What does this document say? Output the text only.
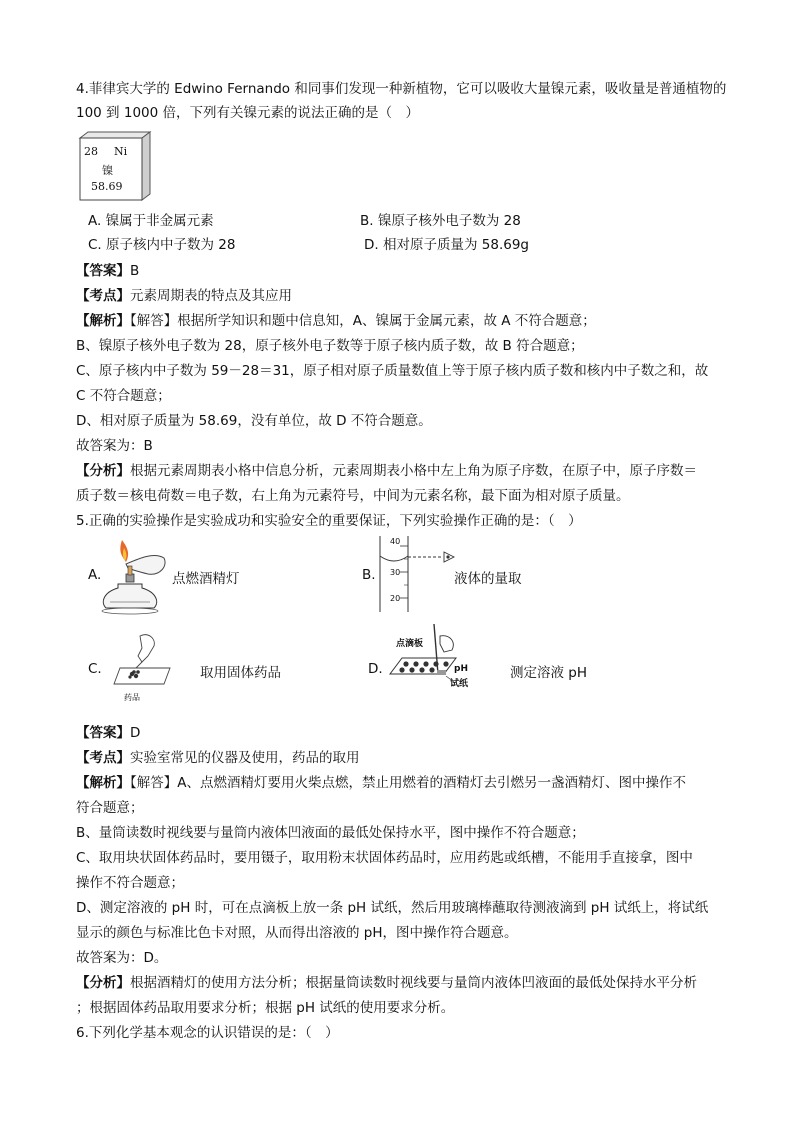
4.菲律宾大学的 Edwino Fernando 和同事们发现一种新植物，它可以吸收大量镍元素，吸收量是普通植物的
100 到 1000 倍，下列有关镍元素的说法正确的是（　）
28 Ni
镍
58.69
A. 镍属于非金属元素	B. 镍原子核外电子数为 28
C. 原子核内中子数为 28	D. 相对原子质量为 58.69g
【答案】B
【考点】元素周期表的特点及其应用
【解析】【解答】根据所学知识和题中信息知，A、镍属于金属元素，故 A 不符合题意；
B、镍原子核外电子数为 28，原子核外电子数等于原子核内质子数，故 B 符合题意；
C、原子核内中子数为 59－28＝31，原子相对原子质量数值上等于原子核内质子数和核内中子数之和，故
C 不符合题意；
D、相对原子质量为 58.69，没有单位，故 D 不符合题意。
故答案为：B
【分析】根据元素周期表小格中信息分析，元素周期表小格中左上角为原子序数，在原子中，原子序数＝
质子数＝核电荷数＝电子数，右上角为元素符号，中间为元素名称，最下面为相对原子质量。
5.正确的实验操作是实验成功和实验安全的重要保证，下列实验操作正确的是：（　）
A.	点燃酒精灯	B.
40
30
20
液体的量取
C.
药品
取用固体药品	D.
点滴板
pH
试纸
测定溶液 pH
【答案】D
【考点】实验室常见的仪器及使用，药品的取用
【解析】【解答】A、点燃酒精灯要用火柴点燃，禁止用燃着的酒精灯去引燃另一盏酒精灯、图中操作不
符合题意；
B、量筒读数时视线要与量筒内液体凹液面的最低处保持水平，图中操作不符合题意；
C、取用块状固体药品时，要用镊子，取用粉末状固体药品时，应用药匙或纸槽，不能用手直接拿，图中
操作不符合题意；
D、测定溶液的 pH 时，可在点滴板上放一条 pH 试纸，然后用玻璃棒蘸取待测液滴到 pH 试纸上，将试纸
显示的颜色与标准比色卡对照，从而得出溶液的 pH，图中操作符合题意。
故答案为：D。
【分析】根据酒精灯的使用方法分析；根据量筒读数时视线要与量筒内液体凹液面的最低处保持水平分析
；根据固体药品取用要求分析；根据 pH 试纸的使用要求分析。
6.下列化学基本观念的认识错误的是：（　）
